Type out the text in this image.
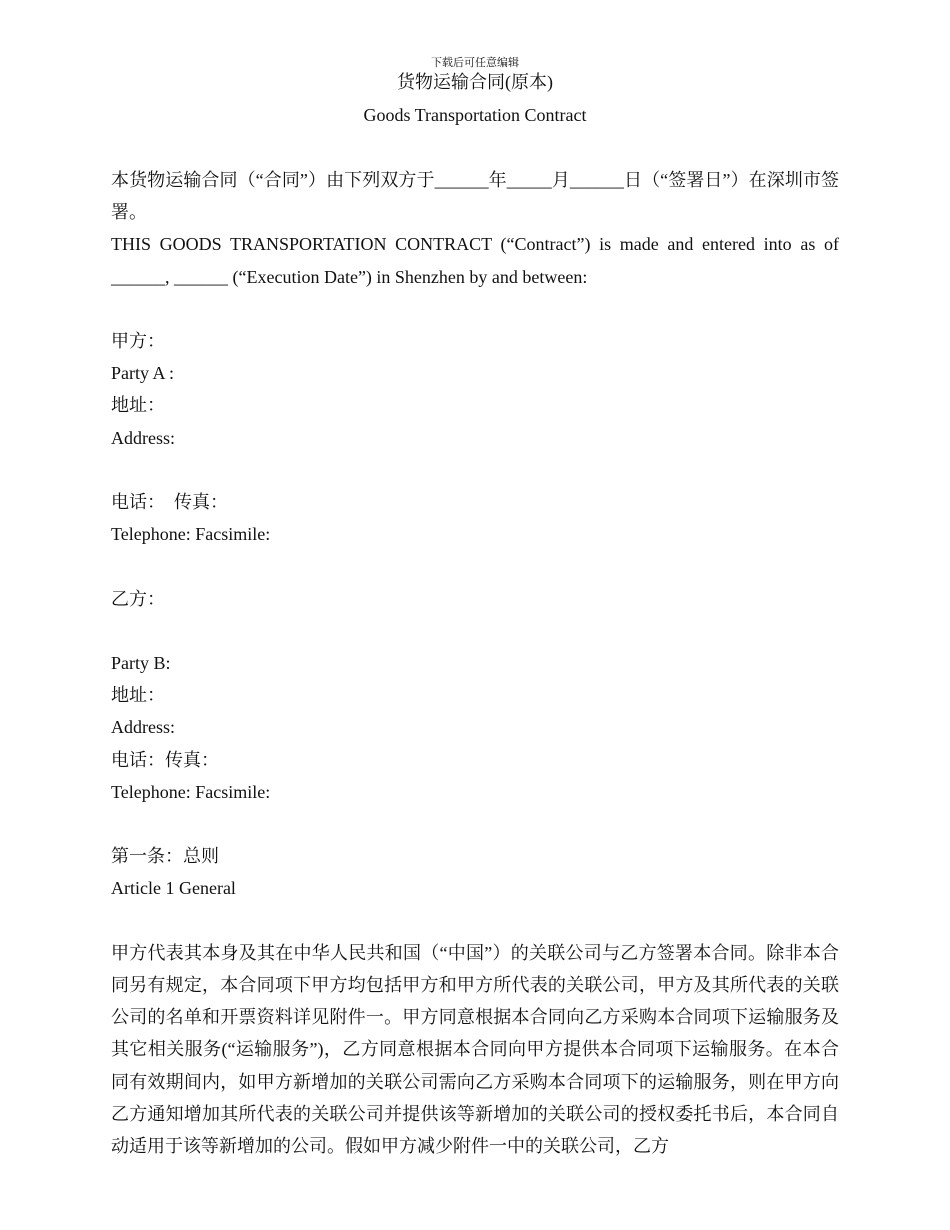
下载后可任意编辑
货物运输合同(原本)
Goods Transportation Contract

本货物运输合同（“合同”）由下列双方于______年_____月______日（“签署日”）在深圳市签署。

THIS GOODS TRANSPORTATION CONTRACT (“Contract”) is made and entered into as of ______, ______ (“Execution Date”) in Shenzhen by and between:

甲方：

Party A :

地址：

Address:

电话：  传真：

Telephone: Facsimile:

乙方：

Party B:

地址：

Address:

电话：传真：

Telephone: Facsimile:

第一条：总则

Article 1 General

甲方代表其本身及其在中华人民共和国（“中国”）的关联公司与乙方签署本合同。除非本合同另有规定，本合同项下甲方均包括甲方和甲方所代表的关联公司，甲方及其所代表的关联公司的名单和开票资料详见附件一。甲方同意根据本合同向乙方采购本合同项下运输服务及其它相关服务(“运输服务”)，乙方同意根据本合同向甲方提供本合同项下运输服务。在本合同有效期间内，如甲方新增加的关联公司需向乙方采购本合同项下的运输服务，则在甲方向乙方通知增加其所代表的关联公司并提供该等新增加的关联公司的授权委托书后，本合同自动适用于该等新增加的公司。假如甲方减少附件一中的关联公司，乙方
